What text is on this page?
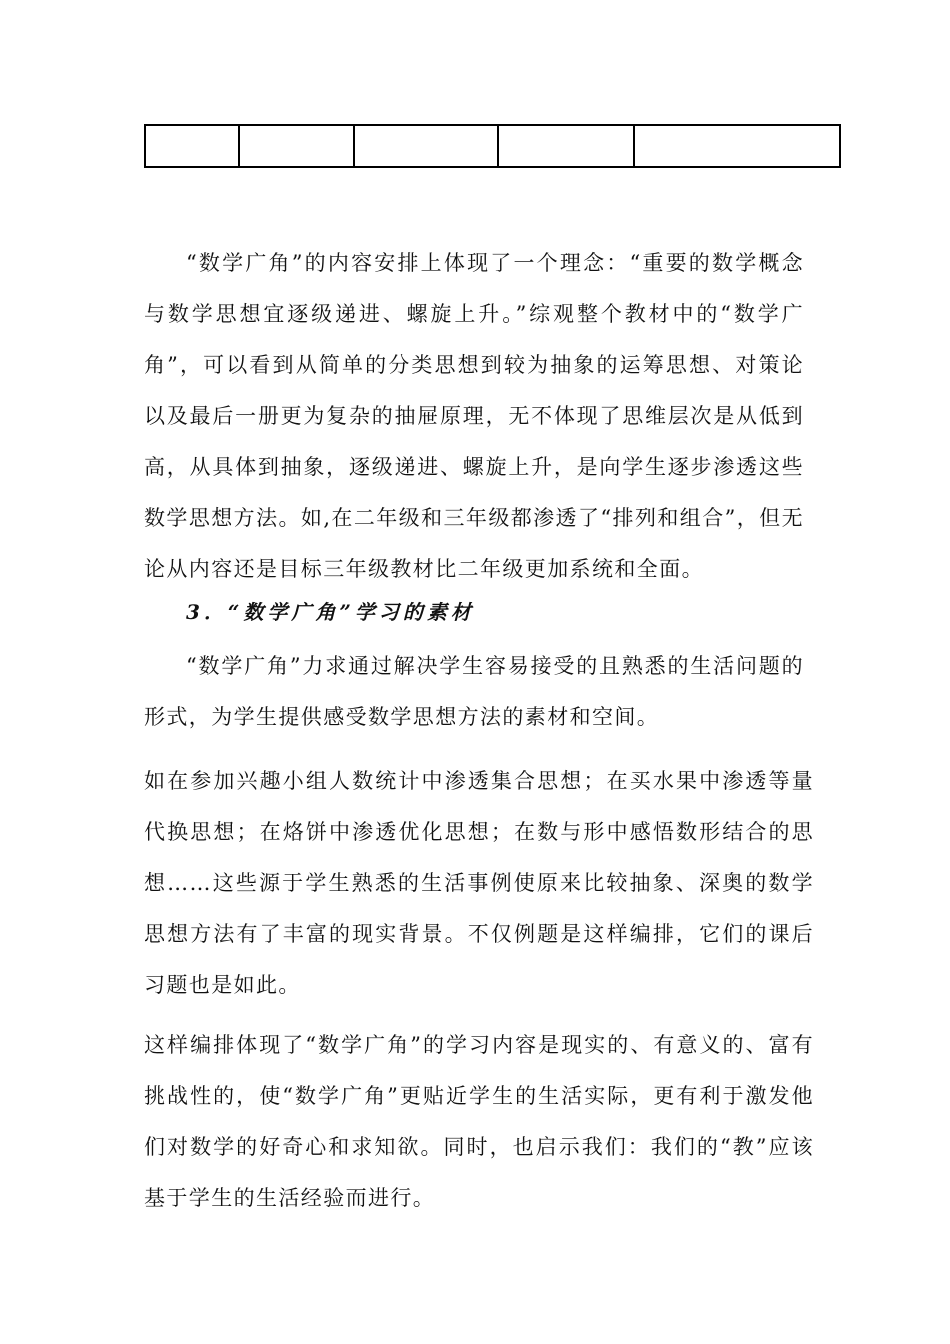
“数学广角”的内容安排上体现了一个理念：“重要的数学概念与数学思想宜逐级递进、螺旋上升。”综观整个教材中的“数学广角”，可以看到从简单的分类思想到较为抽象的运筹思想、对策论以及最后一册更为复杂的抽屉原理，无不体现了思维层次是从低到高，从具体到抽象，逐级递进、螺旋上升，是向学生逐步渗透这些数学思想方法。如,在二年级和三年级都渗透了“排列和组合”，但无论从内容还是目标三年级教材比二年级更加系统和全面。

3．“数学广角”学习的素材

“数学广角”力求通过解决学生容易接受的且熟悉的生活问题的形式，为学生提供感受数学思想方法的素材和空间。

如在参加兴趣小组人数统计中渗透集合思想；在买水果中渗透等量代换思想；在烙饼中渗透优化思想；在数与形中感悟数形结合的思想……这些源于学生熟悉的生活事例使原来比较抽象、深奥的数学思想方法有了丰富的现实背景。不仅例题是这样编排，它们的课后习题也是如此。

这样编排体现了“数学广角”的学习内容是现实的、有意义的、富有挑战性的，使“数学广角”更贴近学生的生活实际，更有利于激发他们对数学的好奇心和求知欲。同时，也启示我们：我们的“教”应该基于学生的生活经验而进行。
